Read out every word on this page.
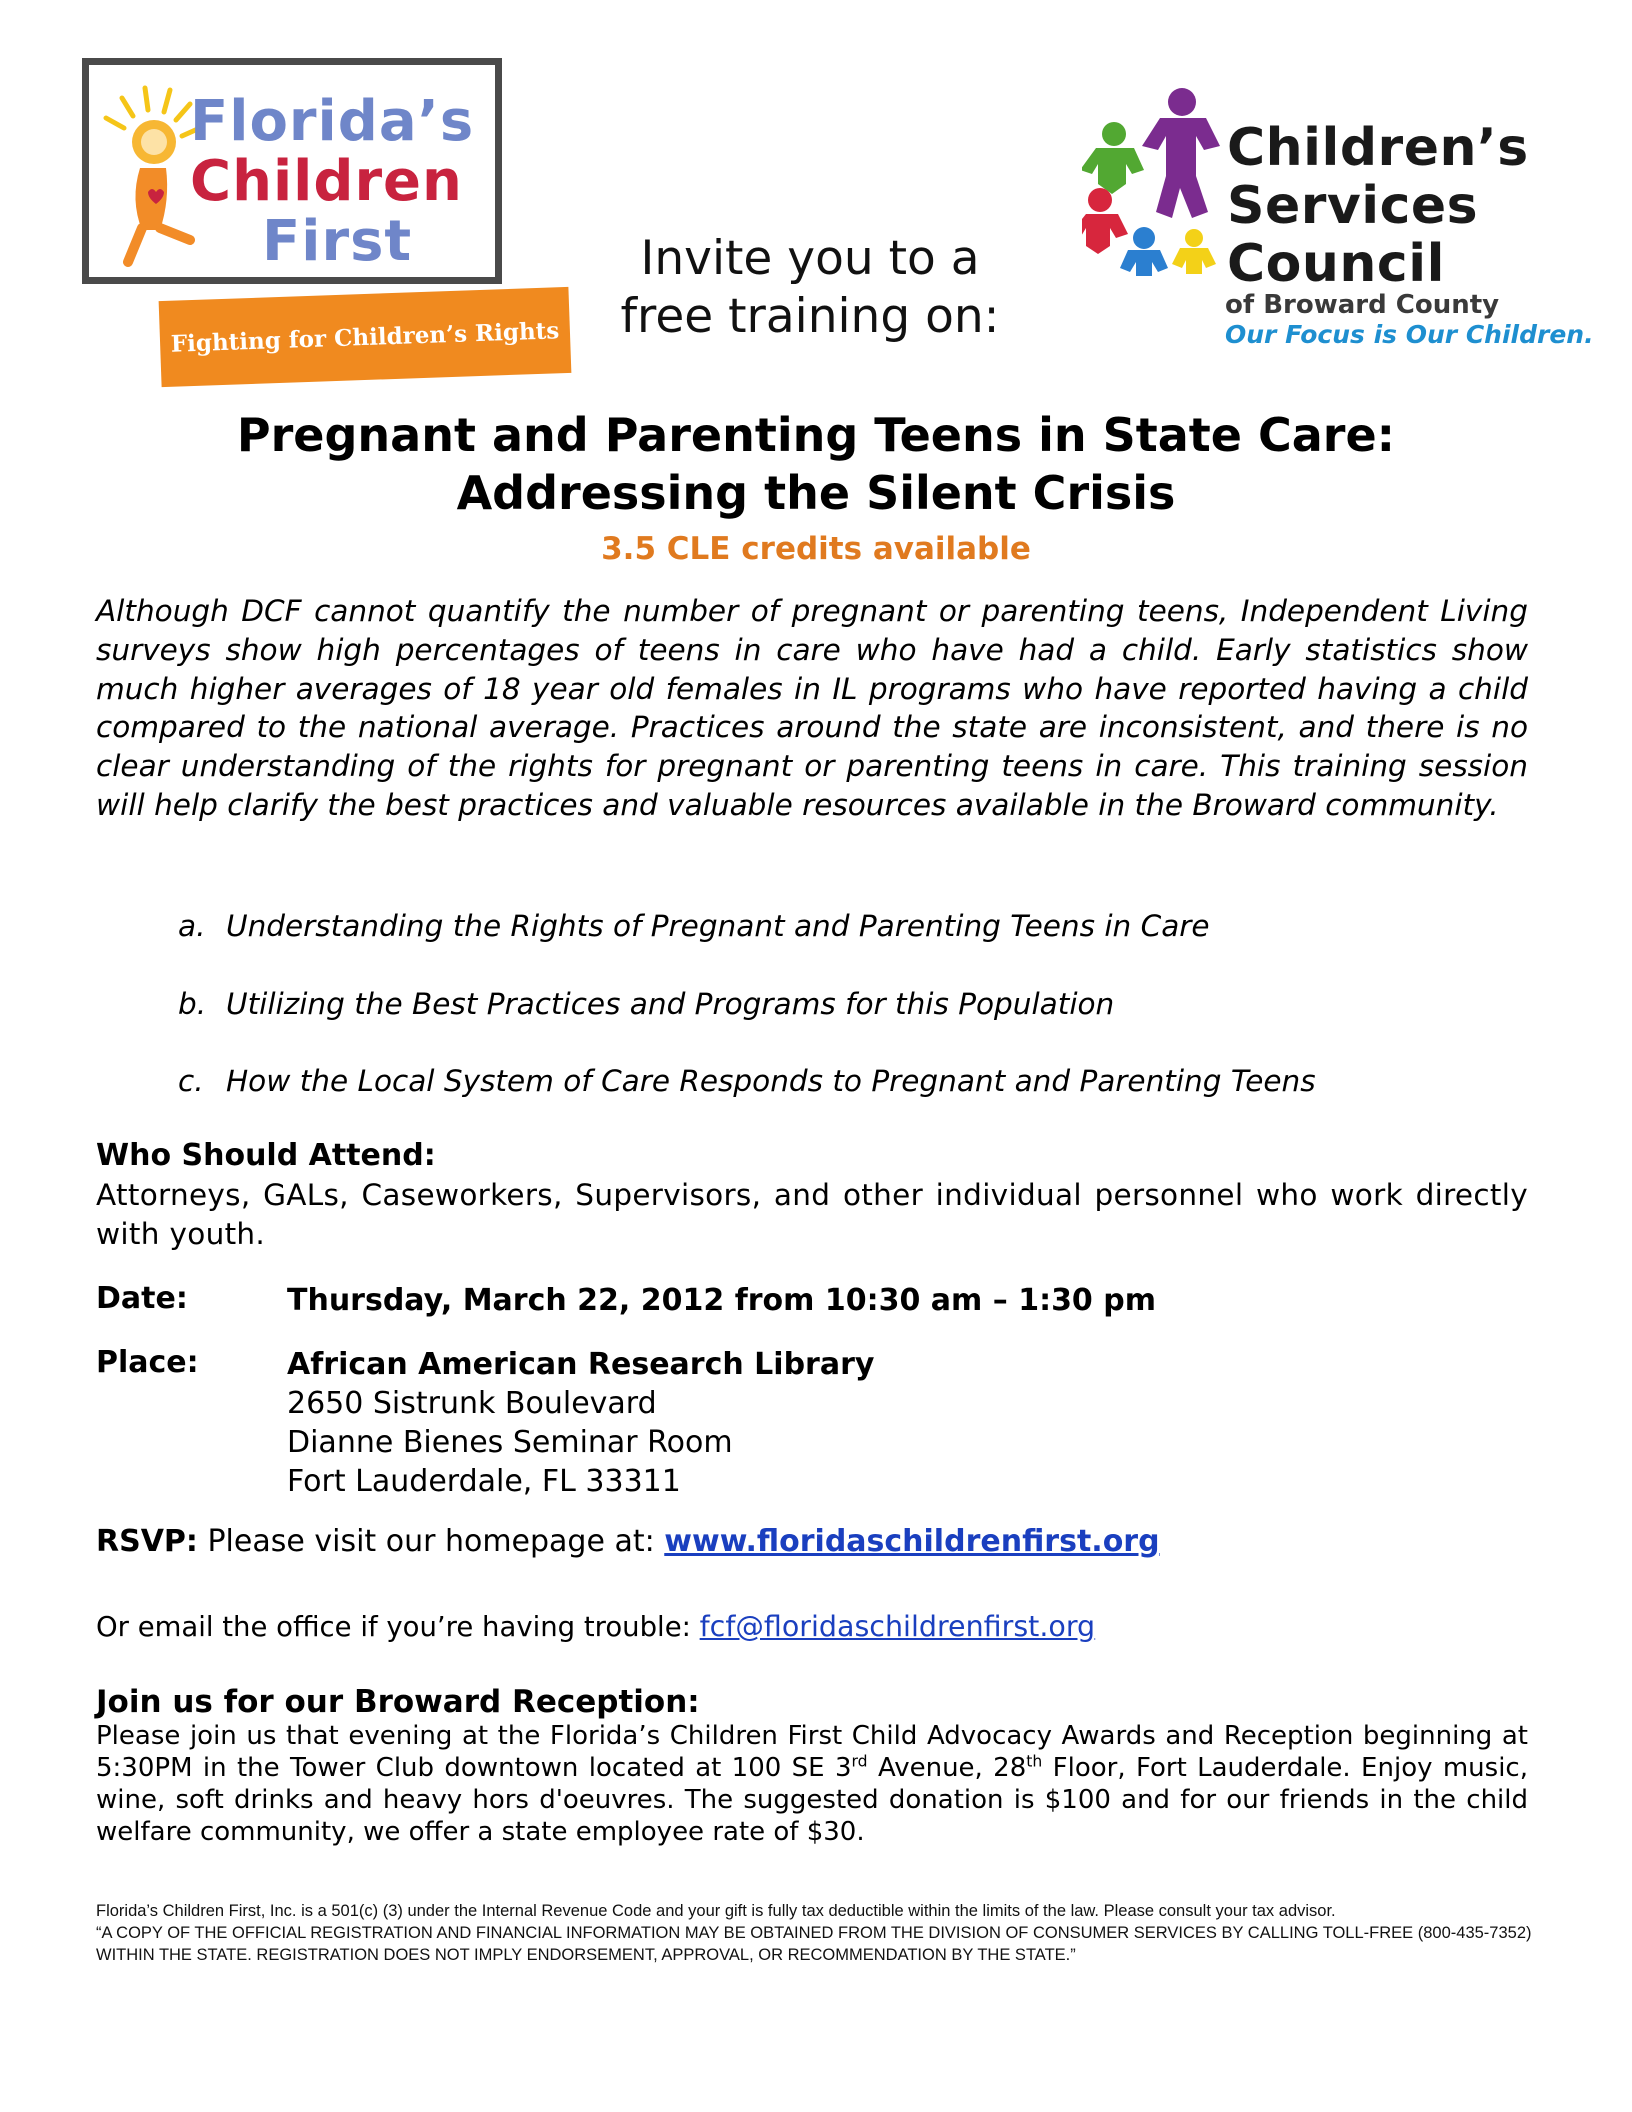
Florida’s
Children
First
Fighting for Children’s Rights
Invite you to a
free training on:
Children’s
Services
Council
of Broward County
Our Focus is Our Children.
Pregnant and Parenting Teens in State Care:
Addressing the Silent Crisis
3.5 CLE credits available
Although DCF cannot quantify the number of pregnant or parenting teens, Independent Living surveys show high percentages of teens in care who have had a child. Early statistics show much higher averages of 18 year old females in IL programs who have reported having a child compared to the national average. Practices around the state are inconsistent, and there is no clear understanding of the rights for pregnant or parenting teens in care. This training session will help clarify the best practices and valuable resources available in the Broward community.
a. Understanding the Rights of Pregnant and Parenting Teens in Care
b. Utilizing the Best Practices and Programs for this Population
c. How the Local System of Care Responds to Pregnant and Parenting Teens
Who Should Attend:
Attorneys, GALs, Caseworkers, Supervisors, and other individual personnel who work directly with youth.
Date:	Thursday, March 22, 2012 from 10:30 am – 1:30 pm
Place:	African American Research Library
2650 Sistrunk Boulevard
Dianne Bienes Seminar Room
Fort Lauderdale, FL 33311
RSVP: Please visit our homepage at: www.floridaschildrenfirst.org
Or email the office if you’re having trouble: fcf@floridaschildrenfirst.org
Join us for our Broward Reception:
Please join us that evening at the Florida’s Children First Child Advocacy Awards and Reception beginning at 5:30PM in the Tower Club downtown located at 100 SE 3rd Avenue, 28th Floor, Fort Lauderdale. Enjoy music, wine, soft drinks and heavy hors d'oeuvres. The suggested donation is $100 and for our friends in the child welfare community, we offer a state employee rate of $30.
Florida’s Children First, Inc. is a 501(c) (3) under the Internal Revenue Code and your gift is fully tax deductible within the limits of the law. Please consult your tax advisor.
“A COPY OF THE OFFICIAL REGISTRATION AND FINANCIAL INFORMATION MAY BE OBTAINED FROM THE DIVISION OF CONSUMER SERVICES BY CALLING TOLL-FREE (800-435-7352) WITHIN THE STATE. REGISTRATION DOES NOT IMPLY ENDORSEMENT, APPROVAL, OR RECOMMENDATION BY THE STATE.”
